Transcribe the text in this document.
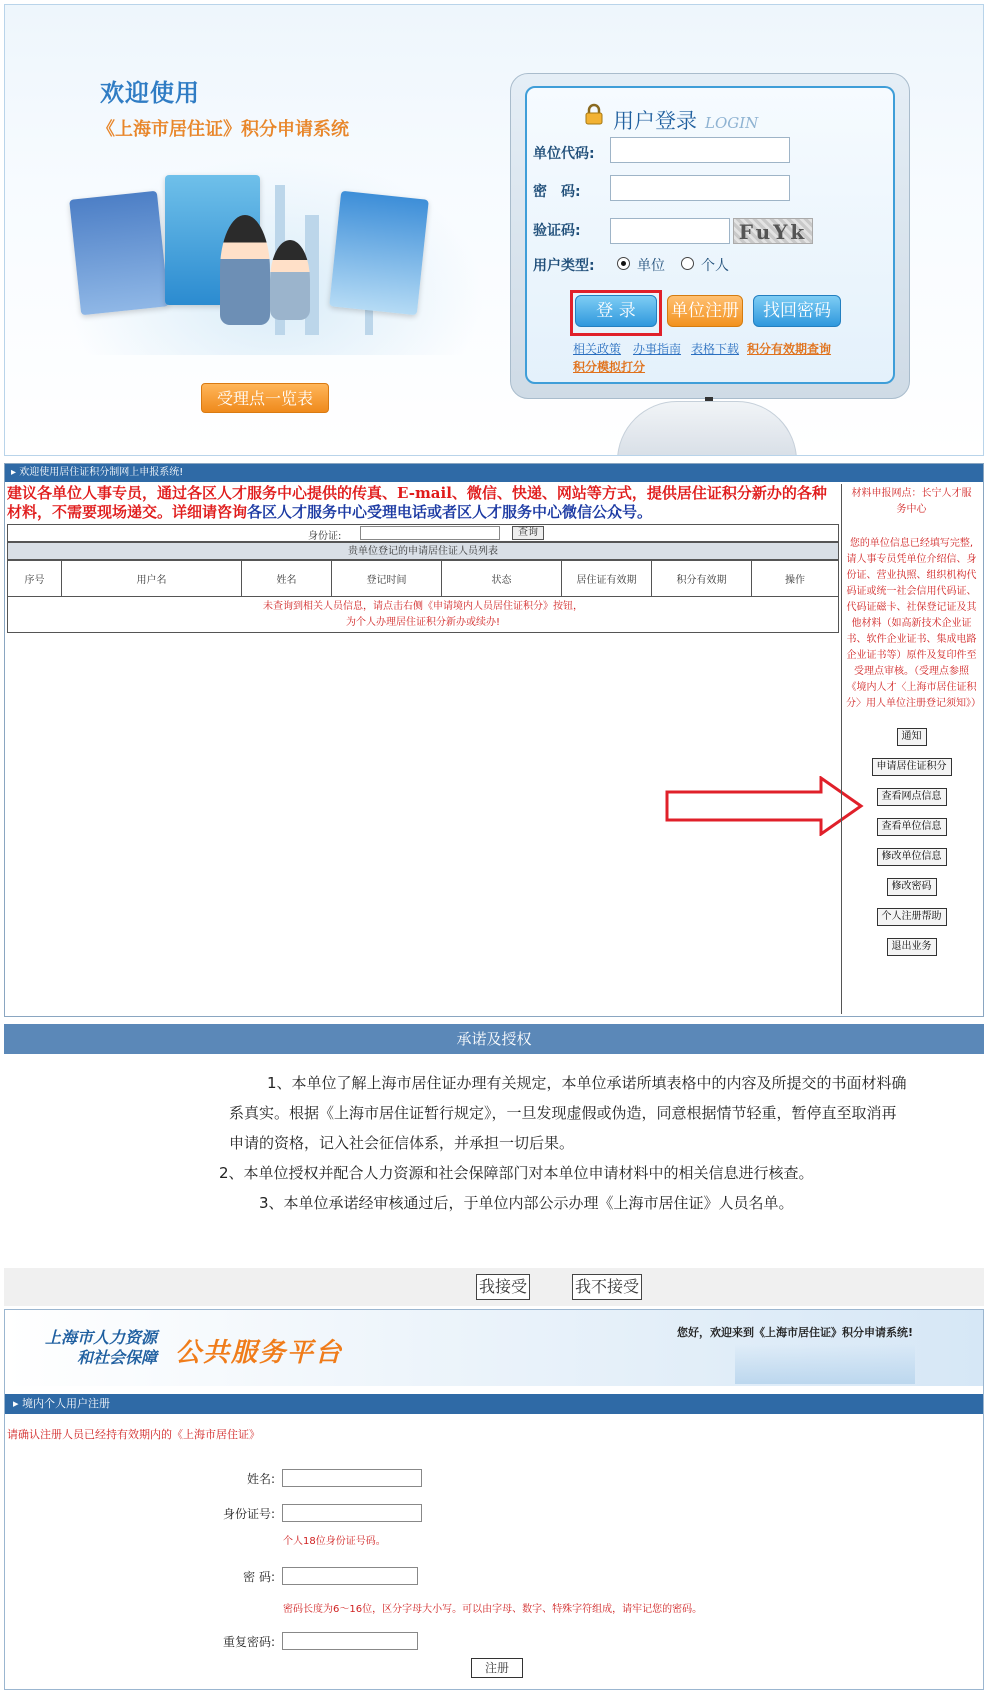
欢迎使用
《上海市居住证》积分申请系统
受理点一览表
用户登录 LOGIN
单位代码:
密　码:
验证码:	FuYk
用户类型:	单位	个人
登 录	单位注册	找回密码
相关政策 办事指南 表格下载 积分有效期查询
积分模拟打分
▸ 欢迎使用居住证积分制网上申报系统!
建议各单位人事专员，通过各区人才服务中心提供的传真、E-mail、微信、快递、网站等方式，提供居住证积分新办的各种材料，不需要现场递交。详细请咨询各区人才服务中心受理电话或者区人才服务中心微信公众号。
身份证:	查询
贵单位登记的申请居住证人员列表
序号	用户名	姓名	登记时间	状态	居住证有效期	积分有效期	操作

未查询到相关人员信息，请点击右侧《申请境内人员居住证积分》按钮，
为个人办理居住证积分新办或续办!
材料申报网点：长宁人才服务中心
您的单位信息已经填写完整,请人事专员凭单位介绍信、身份证、营业执照、组织机构代码证或统一社会信用代码证、代码证磁卡、社保登记证及其他材料（如高新技术企业证书、软件企业证书、集成电路企业证书等）原件及复印件至受理点审核。（受理点参照《境内人才〈上海市居住证积分〉用人单位注册登记须知》）
通知
申请居住证积分
查看网点信息
查看单位信息
修改单位信息
修改密码
个人注册帮助
退出业务
承诺及授权

1、本单位了解上海市居住证办理有关规定，本单位承诺所填表格中的内容及所提交的书面材料确系真实。根据《上海市居住证暂行规定》，一旦发现虚假或伪造，同意根据情节轻重，暂停直至取消再申请的资格，记入社会征信体系，并承担一切后果。

2、本单位授权并配合人力资源和社会保障部门对本单位申请材料中的相关信息进行核查。

3、本单位承诺经审核通过后，于单位内部公示办理《上海市居住证》人员名单。

我接受	我不接受
上海市人力资源
和社会保障 公共服务平台
您好，欢迎来到《上海市居住证》积分申请系统!
▸ 境内个人用户注册
请确认注册人员已经持有效期内的《上海市居住证》
姓名:
身份证号:
个人18位身份证号码。
密 码:
密码长度为6～16位，区分字母大小写。可以由字母、数字、特殊字符组成，请牢记您的密码。
重复密码:
注册
